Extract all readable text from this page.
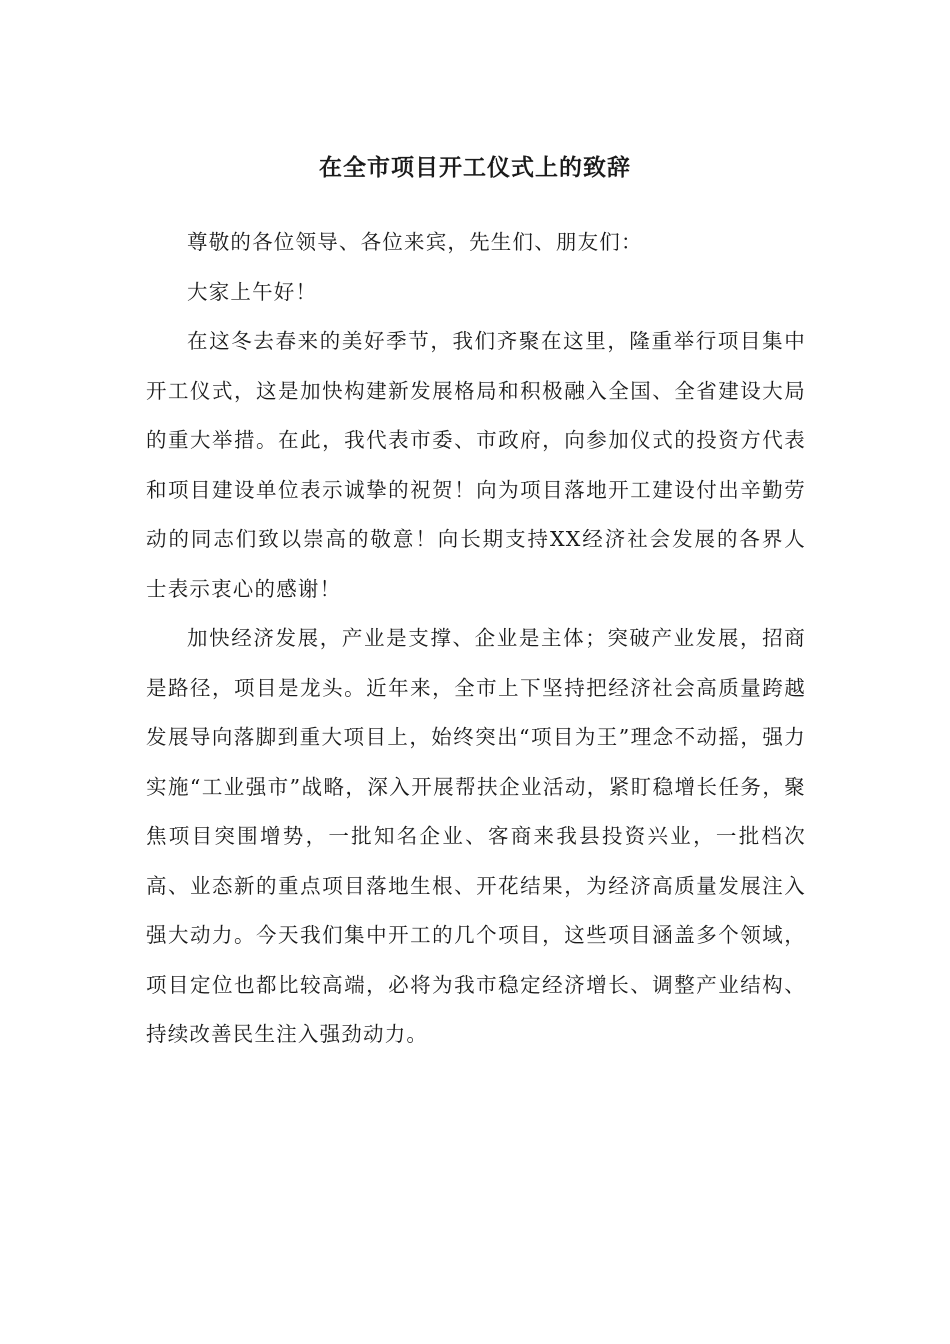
在全市项目开工仪式上的致辞

尊敬的各位领导、各位来宾，先生们、朋友们：

大家上午好！

在这冬去春来的美好季节，我们齐聚在这里，隆重举行项目集中开工仪式，这是加快构建新发展格局和积极融入全国、全省建设大局的重大举措。在此，我代表市委、市政府，向参加仪式的投资方代表和项目建设单位表示诚挚的祝贺！向为项目落地开工建设付出辛勤劳动的同志们致以崇高的敬意！向长期支持XX经济社会发展的各界人士表示衷心的感谢！

加快经济发展，产业是支撑、企业是主体；突破产业发展，招商是路径，项目是龙头。近年来，全市上下坚持把经济社会高质量跨越发展导向落脚到重大项目上，始终突出“项目为王”理念不动摇，强力实施“工业强市”战略，深入开展帮扶企业活动，紧盯稳增长任务，聚焦项目突围增势，一批知名企业、客商来我县投资兴业，一批档次高、业态新的重点项目落地生根、开花结果，为经济高质量发展注入强大动力。今天我们集中开工的几个项目，这些项目涵盖多个领域，项目定位也都比较高端，必将为我市稳定经济增长、调整产业结构、持续改善民生注入强劲动力。
